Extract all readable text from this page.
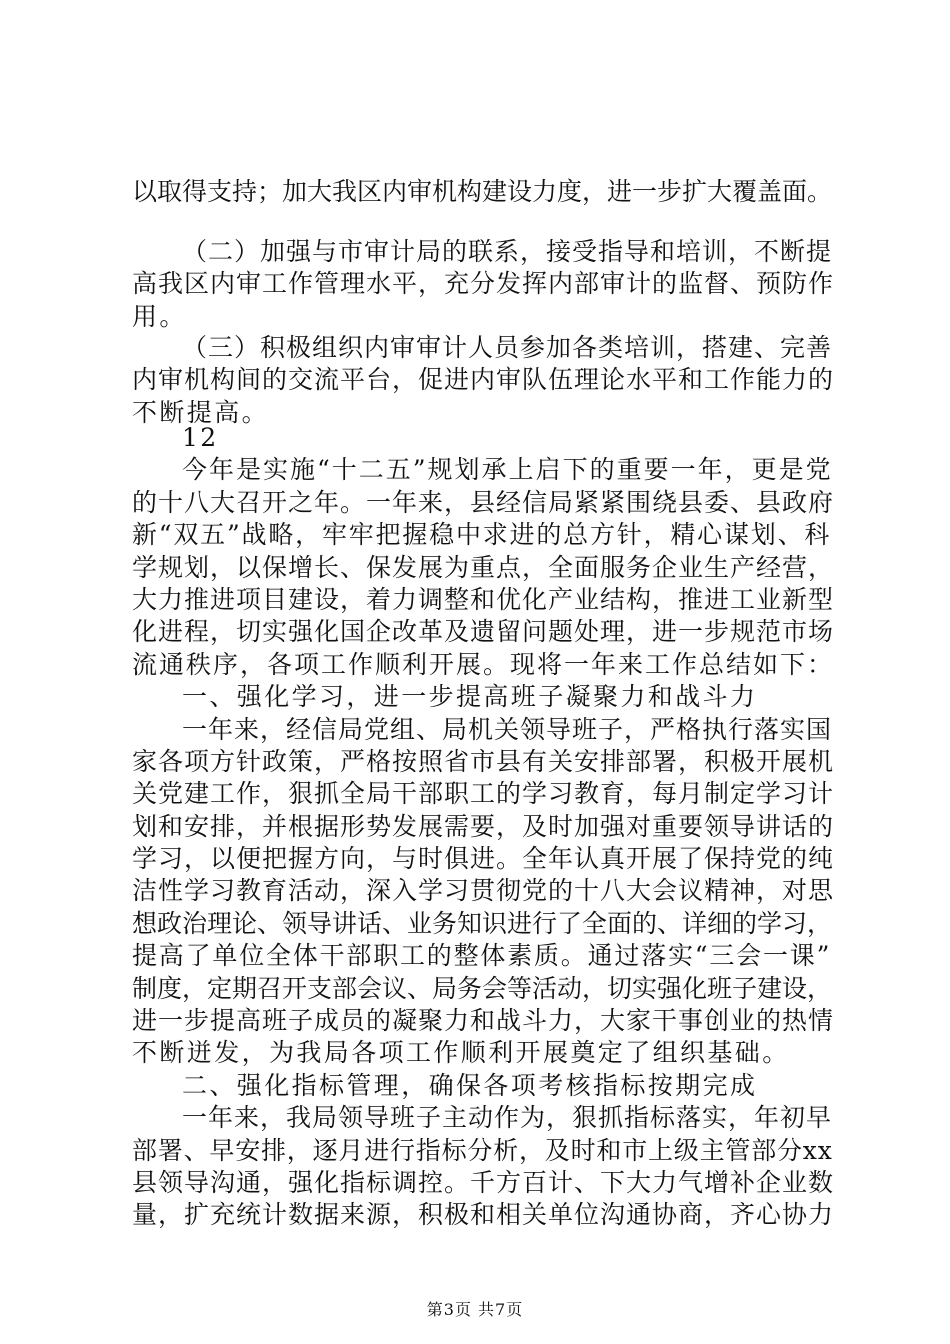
以取得支持；加大我区内审机构建设力度，进一步扩大覆盖面。
（二）加强与市审计局的联系，接受指导和培训，不断提
高我区内审工作管理水平，充分发挥内部审计的监督、预防作
用。
（三）积极组织内审审计人员参加各类培训，搭建、完善
内审机构间的交流平台，促进内审队伍理论水平和工作能力的
不断提高。
12
今年是实施“十二五”规划承上启下的重要一年，更是党
的十八大召开之年。一年来，县经信局紧紧围绕县委、县政府
新“双五”战略，牢牢把握稳中求进的总方针，精心谋划、科
学规划，以保增长、保发展为重点，全面服务企业生产经营，
大力推进项目建设，着力调整和优化产业结构，推进工业新型
化进程，切实强化国企改革及遗留问题处理，进一步规范市场
流通秩序，各项工作顺利开展。现将一年来工作总结如下：
一、强化学习，进一步提高班子凝聚力和战斗力
一年来，经信局党组、局机关领导班子，严格执行落实国
家各项方针政策，严格按照省市县有关安排部署，积极开展机
关党建工作，狠抓全局干部职工的学习教育，每月制定学习计
划和安排，并根据形势发展需要，及时加强对重要领导讲话的
学习，以便把握方向，与时俱进。全年认真开展了保持党的纯
洁性学习教育活动，深入学习贯彻党的十八大会议精神，对思
想政治理论、领导讲话、业务知识进行了全面的、详细的学习，
提高了单位全体干部职工的整体素质。通过落实“三会一课”
制度，定期召开支部会议、局务会等活动，切实强化班子建设，
进一步提高班子成员的凝聚力和战斗力，大家干事创业的热情
不断迸发，为我局各项工作顺利开展奠定了组织基础。
二、强化指标管理，确保各项考核指标按期完成
一年来，我局领导班子主动作为，狠抓指标落实，年初早
部署、早安排，逐月进行指标分析，及时和市上级主管部分xx
县领导沟通，强化指标调控。千方百计、下大力气增补企业数
量，扩充统计数据来源，积极和相关单位沟通协商，齐心协力
第3页 共7页
